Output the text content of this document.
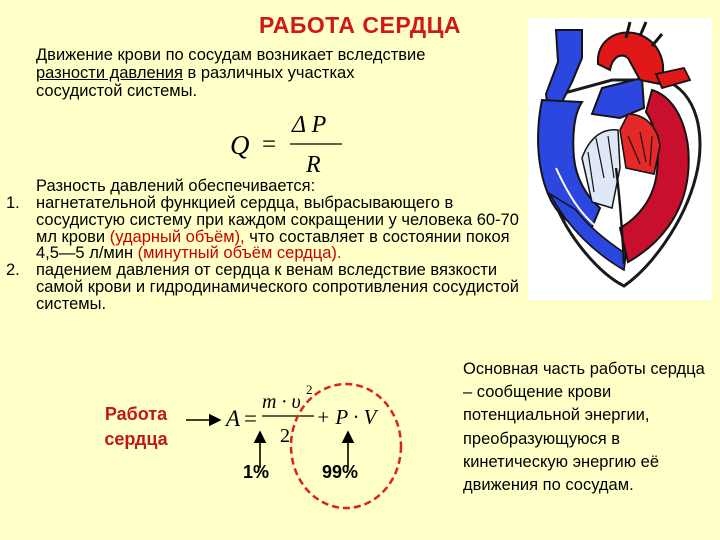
РАБОТА СЕРДЦА
Движение крови по сосудам возникает вследствие
разности давления в различных участках
сосудистой системы.
Q =
Δ P
R
Разность давлений обеспечивается:
1. нагнетательной функцией сердца, выбрасывающего в сосудистую систему при каждом сокращении у человека 60-70 мл крови (ударный объём), что составляет в состоянии покоя 4,5—5 л/мин (минутный объём сердца).
2. падением давления от сердца к венам вследствие вязкости самой крови и гидродинамического сопротивления сосудистой системы.
Работа
сердца
A =
m · υ
2
2
+ P · V
1%	99%
Основная часть работы сердца – сообщение крови потенциальной энергии, преобразующуюся в кинетическую энергию её движения по сосудам.
